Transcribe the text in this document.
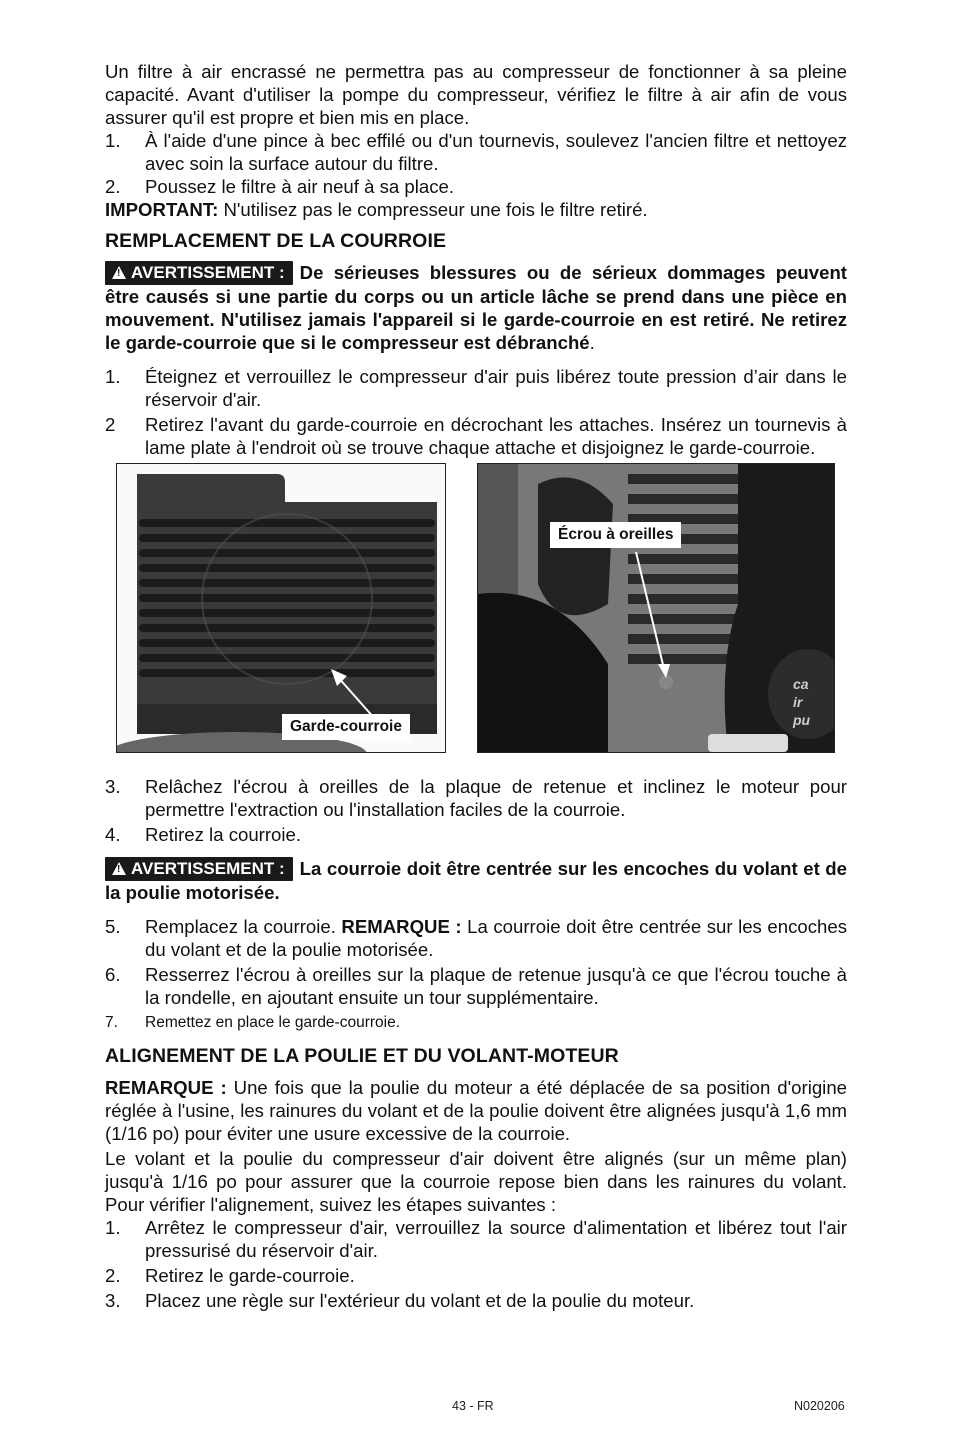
Un filtre à air encrassé ne permettra pas au compresseur de fonctionner à sa pleine capacité. Avant d'utiliser la pompe du compresseur, vérifiez le filtre à air afin de vous assurer qu'il est propre et bien mis en place.

1. À l'aide d'une pince à bec effilé ou d'un tournevis, soulevez l'ancien filtre et nettoyez avec soin la surface autour du filtre.
2. Poussez le filtre à air neuf à sa place.

IMPORTANT: N'utilisez pas le compresseur une fois le filtre retiré.

REMPLACEMENT DE LA COURROIE

! AVERTISSEMENT : De sérieuses blessures ou de sérieux dommages peuvent être causés si une partie du corps ou un article lâche se prend dans une pièce en mouvement. N'utilisez jamais l'appareil si le garde-courroie en est retiré. Ne retirez le garde-courroie que si le compresseur est débranché.

1. Éteignez et verrouillez le compresseur d'air puis libérez toute pression d’air dans le réservoir d'air.
2 Retirez l'avant du garde-courroie en décrochant les attaches. Insérez un tournevis à lame plate à l'endroit où se trouve chaque attache et disjoignez le garde-courroie.
Garde-courroie
ca
ir
pu
Écrou à oreilles
3. Relâchez l'écrou à oreilles de la plaque de retenue et inclinez le moteur pour permettre l'extraction ou l'installation faciles de la courroie.
4. Retirez la courroie.

! AVERTISSEMENT : La courroie doit être centrée sur les encoches du volant et de la poulie motorisée.

5. Remplacez la courroie. REMARQUE : La courroie doit être centrée sur les encoches du volant et de la poulie motorisée.
6. Resserrez l'écrou à oreilles sur la plaque de retenue jusqu'à ce que l'écrou touche à la rondelle, en ajoutant ensuite un tour supplémentaire.
7. Remettez en place le garde-courroie.
ALIGNEMENT DE LA POULIE ET DU VOLANT-MOTEUR

REMARQUE : Une fois que la poulie du moteur a été déplacée de sa position d'origine réglée à l'usine, les rainures du volant et de la poulie doivent être alignées jusqu'à 1,6 mm (1/16 po) pour éviter une usure excessive de la courroie.

Le volant et la poulie du compresseur d'air doivent être alignés (sur un même plan) jusqu'à 1/16 po pour assurer que la courroie repose bien dans les rainures du volant. Pour vérifier l'alignement, suivez les étapes suivantes :

1. Arrêtez le compresseur d'air, verrouillez la source d'alimentation et libérez tout l'air pressurisé du réservoir d'air.
2. Retirez le garde-courroie.
3. Placez une règle sur l'extérieur du volant et de la poulie du moteur.
43 - FR	N020206
